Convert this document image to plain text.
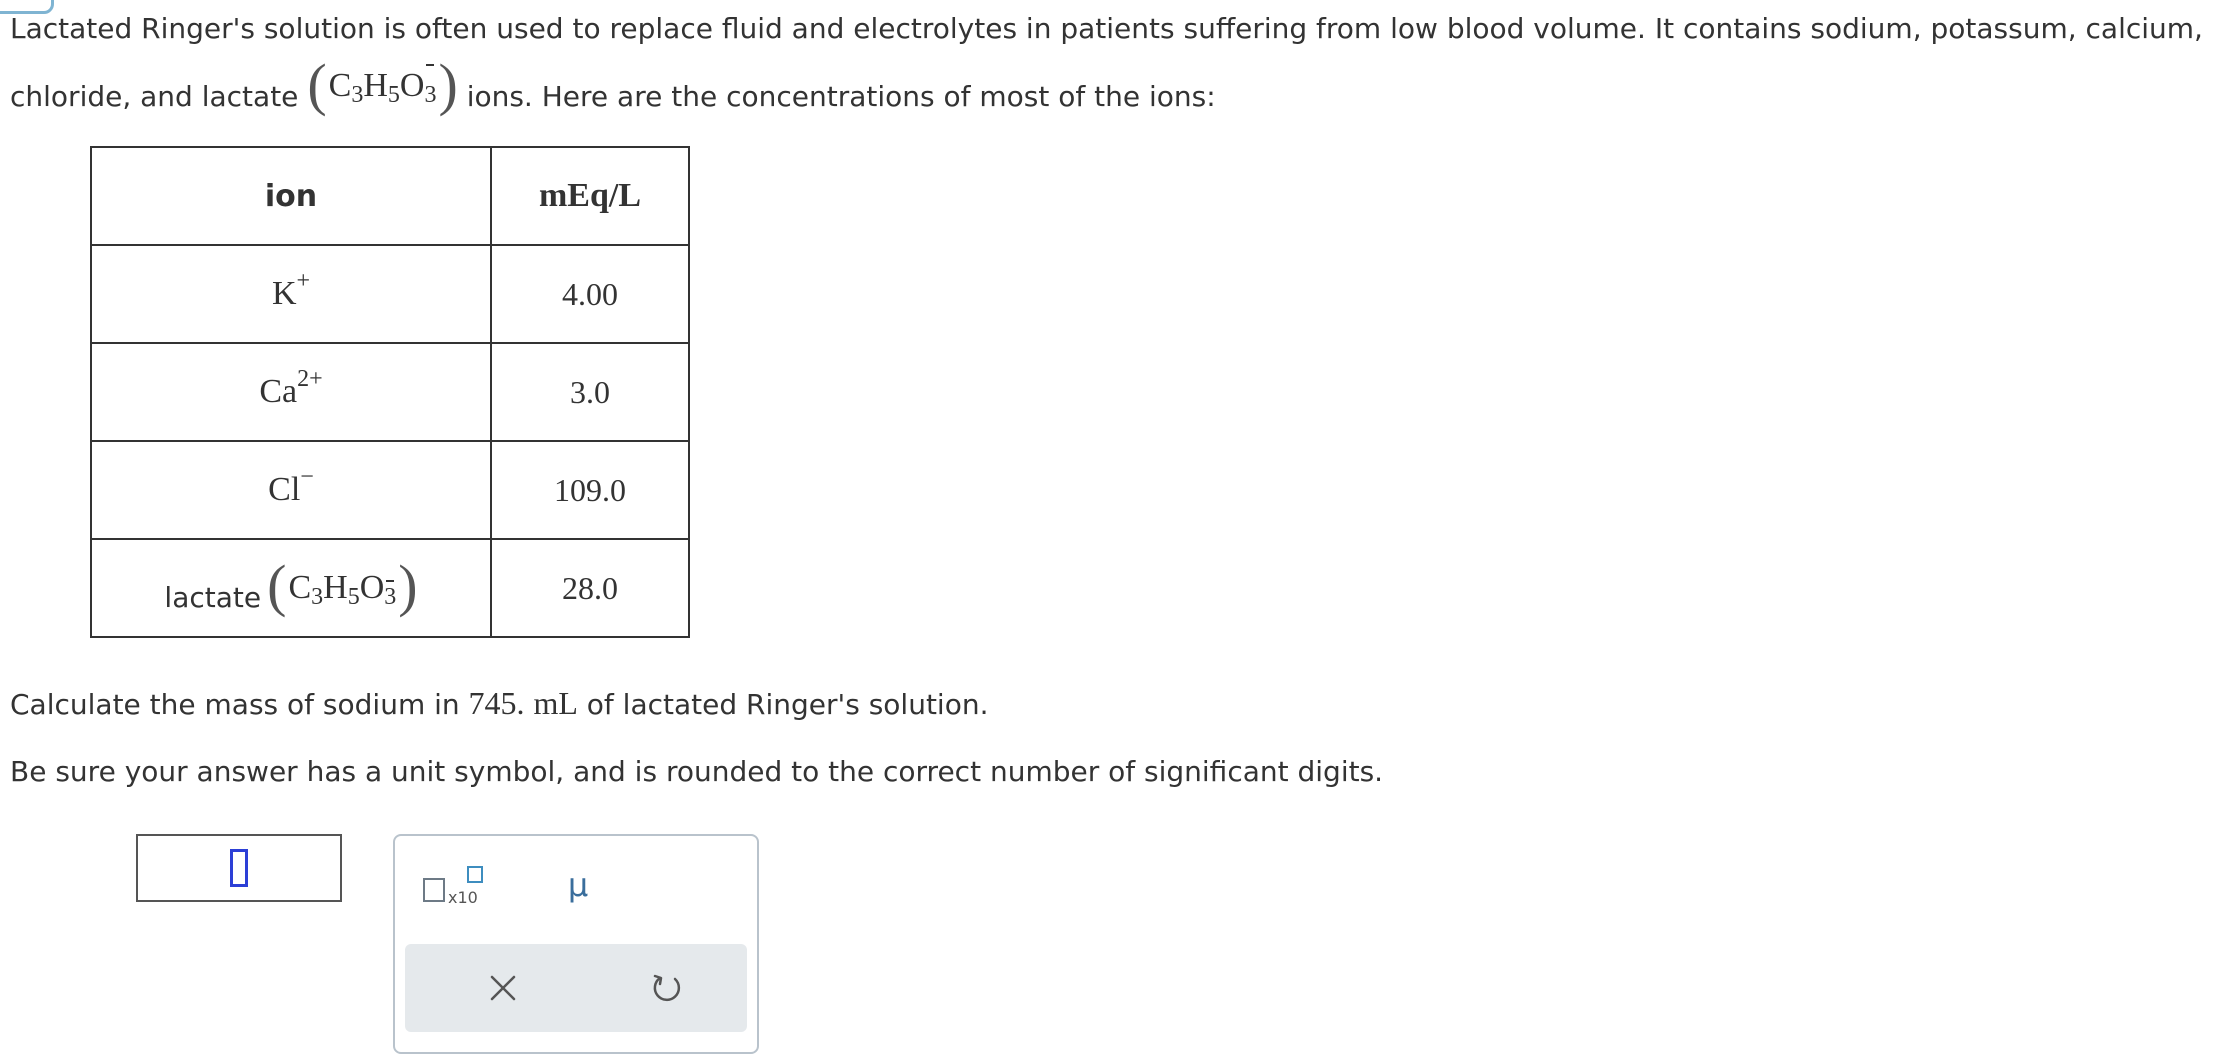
Lactated Ringer's solution is often used to replace fluid and electrolytes in patients suffering from low blood volume. It contains sodium, potassum, calcium,

chloride, and lactate ( $C_3H_5O_3$ ) ions. Here are the concentrations of most of the ions:

ion	mEq/L
K+	4.00
$Ca^{2+}$	3.0
Cl−	109.0
lactate ( $C_3H_5O_3$ )	28.0

Calculate the mass of sodium in 745. mL of lactated Ringer's solution.

Be sure your answer has a unit symbol, and is rounded to the correct number of significant digits.

x10	μ
